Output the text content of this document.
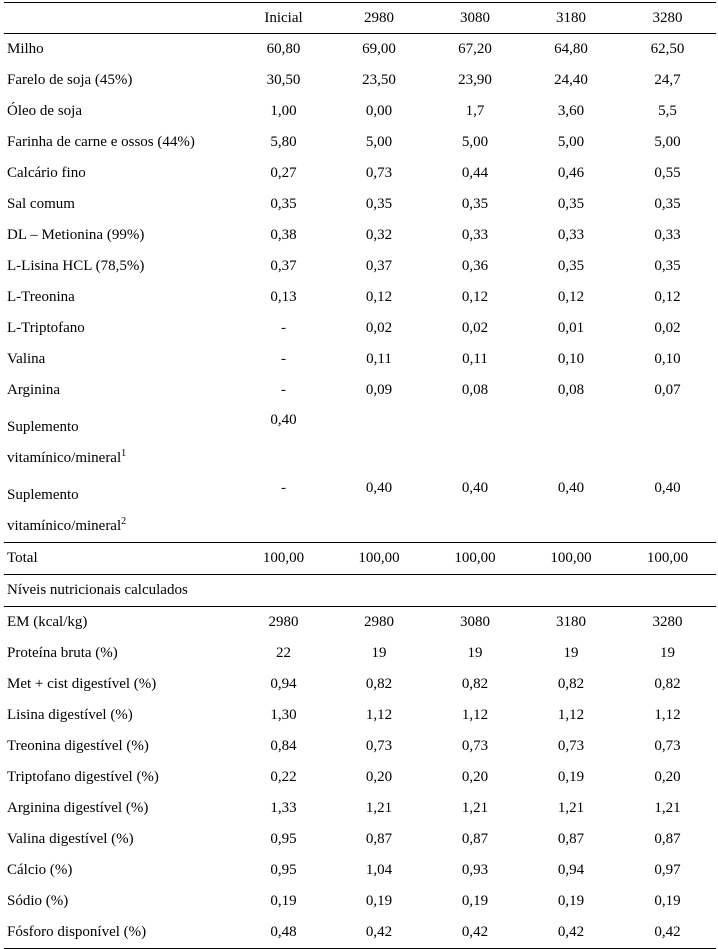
	Inicial	2980	3080	3180	3280
Milho	60,80	69,00	67,20	64,80	62,50
Farelo de soja (45%)	30,50	23,50	23,90	24,40	24,7
Óleo de soja	1,00	0,00	1,7	3,60	5,5
Farinha de carne e ossos (44%)	5,80	5,00	5,00	5,00	5,00
Calcário fino	0,27	0,73	0,44	0,46	0,55
Sal comum	0,35	0,35	0,35	0,35	0,35
DL – Metionina (99%)	0,38	0,32	0,33	0,33	0,33
L-Lisina HCL (78,5%)	0,37	0,37	0,36	0,35	0,35
L-Treonina	0,13	0,12	0,12	0,12	0,12
L-Triptofano	-	0,02	0,02	0,01	0,02
Valina	-	0,11	0,11	0,10	0,10
Arginina	-	0,09	0,08	0,08	0,07

Suplemento
vitamínico/mineral$^1$	0,40				

Suplemento
vitamínico/mineral$^2$	-	0,40	0,40	0,40	0,40
Total	100,00	100,00	100,00	100,00	100,00
Níveis nutricionais calculados					
EM (kcal/kg)	2980	2980	3080	3180	3280
Proteína bruta (%)	22	19	19	19	19
Met + cist digestível (%)	0,94	0,82	0,82	0,82	0,82
Lisina digestível (%)	1,30	1,12	1,12	1,12	1,12
Treonina digestível (%)	0,84	0,73	0,73	0,73	0,73
Triptofano digestível (%)	0,22	0,20	0,20	0,19	0,20
Arginina digestível (%)	1,33	1,21	1,21	1,21	1,21
Valina digestível (%)	0,95	0,87	0,87	0,87	0,87
Cálcio (%)	0,95	1,04	0,93	0,94	0,97
Sódio (%)	0,19	0,19	0,19	0,19	0,19
Fósforo disponível (%)	0,48	0,42	0,42	0,42	0,42
